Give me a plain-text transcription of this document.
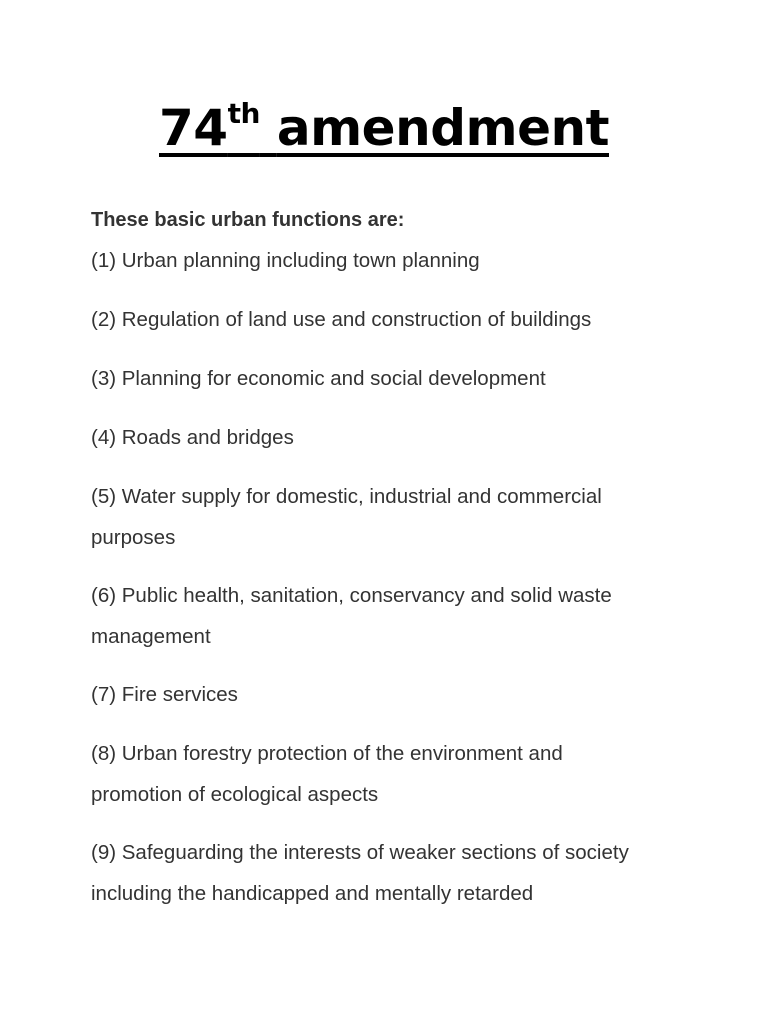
74th amendment
These basic urban functions are:
(1) Urban planning including town planning
(2) Regulation of land use and construction of buildings
(3) Planning for economic and social development
(4) Roads and bridges
(5) Water supply for domestic, industrial and commercial
purposes
(6) Public health, sanitation, conservancy and solid waste
management
(7) Fire services
(8) Urban forestry protection of the environment and
promotion of ecological aspects
(9) Safeguarding the interests of weaker sections of society
including the handicapped and mentally retarded
